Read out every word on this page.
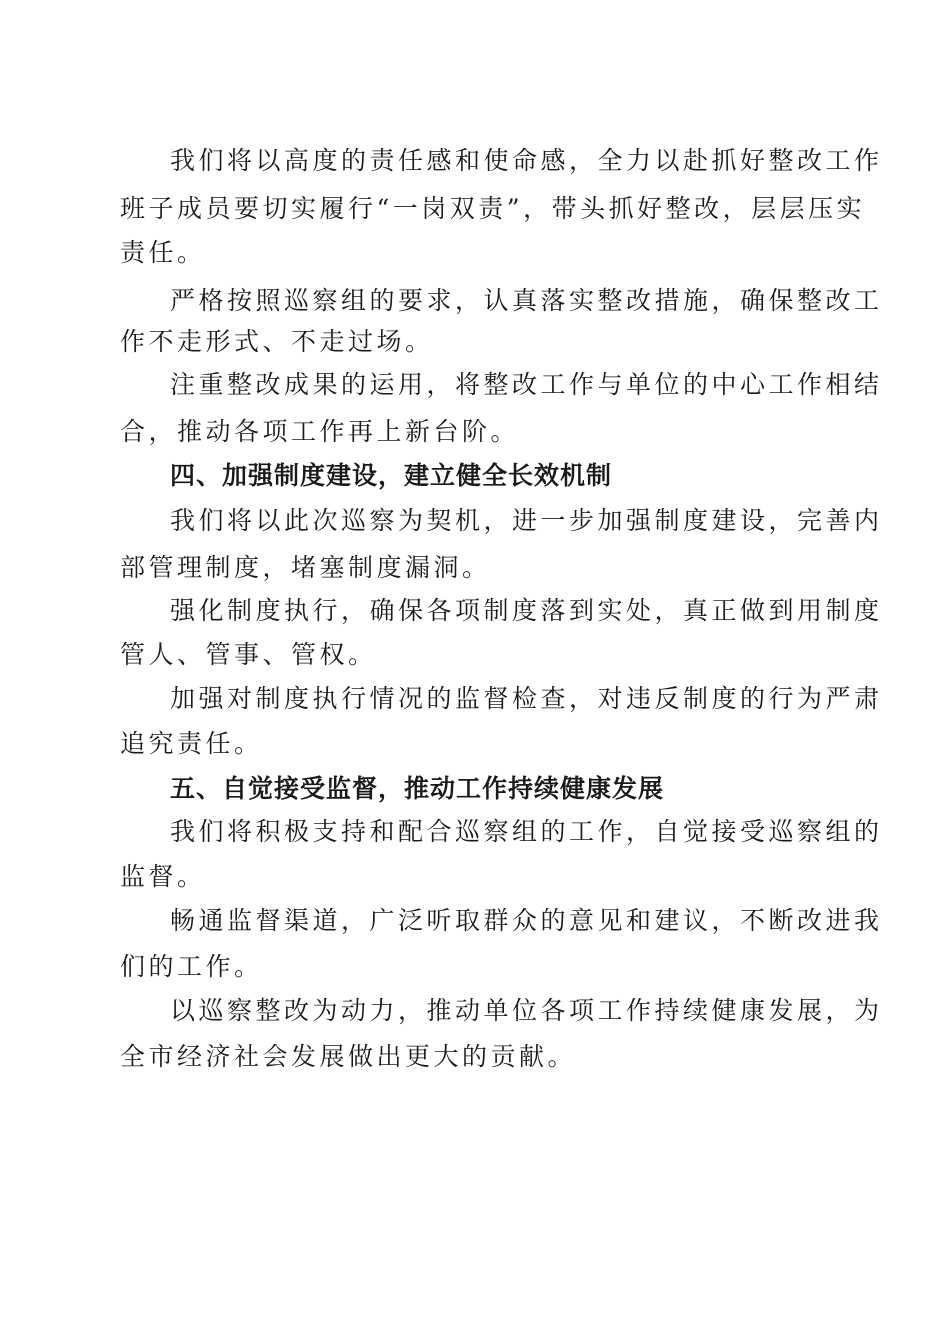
我们将以高度的责任感和使命感，全力以赴抓好整改工作
班子成员要切实履行“一岗双责”，带头抓好整改，层层压实
责任。
严格按照巡察组的要求，认真落实整改措施，确保整改工
作不走形式、不走过场。
注重整改成果的运用，将整改工作与单位的中心工作相结
合，推动各项工作再上新台阶。
四、加强制度建设，建立健全长效机制
我们将以此次巡察为契机，进一步加强制度建设，完善内
部管理制度，堵塞制度漏洞。
强化制度执行，确保各项制度落到实处，真正做到用制度
管人、管事、管权。
加强对制度执行情况的监督检查，对违反制度的行为严肃
追究责任。
五、自觉接受监督，推动工作持续健康发展
我们将积极支持和配合巡察组的工作，自觉接受巡察组的
监督。
畅通监督渠道，广泛听取群众的意见和建议，不断改进我
们的工作。
以巡察整改为动力，推动单位各项工作持续健康发展，为
全市经济社会发展做出更大的贡献。
